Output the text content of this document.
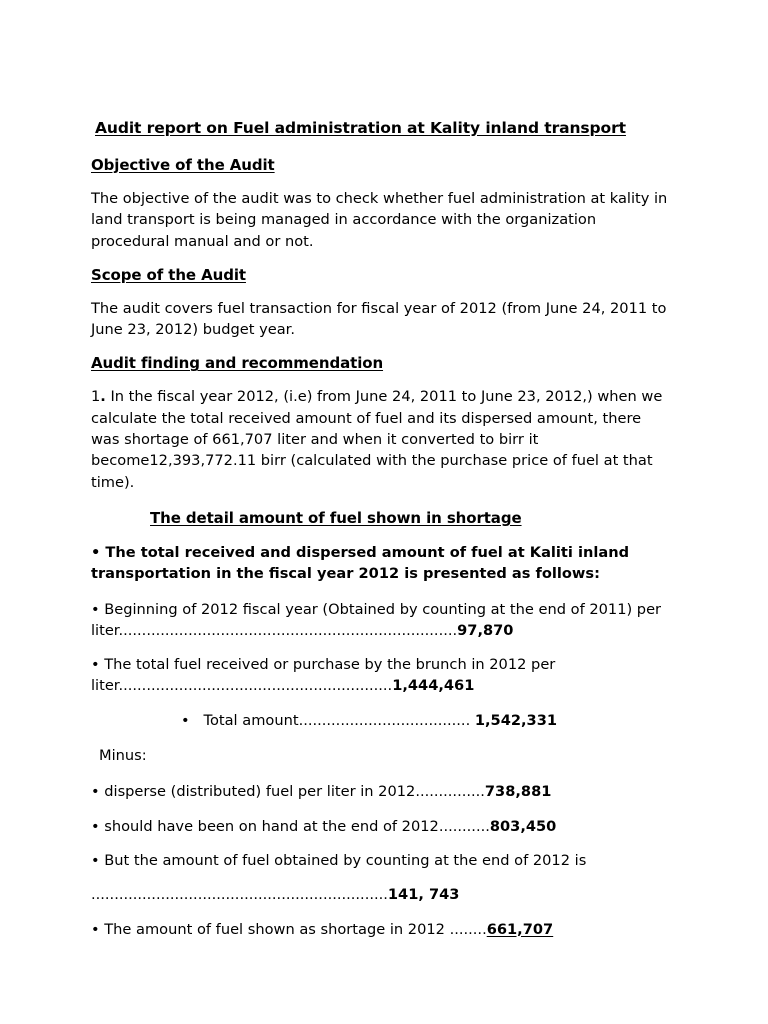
Audit report on Fuel administration at Kality inland transport
Objective of the Audit

The objective of the audit was to check whether fuel administration at kality in land transport is being managed in accordance with the organization procedural manual and or not.

Scope of the Audit

The audit covers fuel transaction for fiscal year of 2012 (from June 24, 2011 to June 23, 2012) budget year.

Audit finding and recommendation

1. In the fiscal year 2012, (i.e) from June 24, 2011 to June 23, 2012,) when we calculate the total received amount of fuel and its dispersed amount, there was shortage of 661,707 liter and when it converted to birr it become12,393,772.11 birr (calculated with the purchase price of fuel at that time).

The detail amount of fuel shown in shortage

• The total received and dispersed amount of fuel at Kaliti inland transportation in the fiscal year 2012 is presented as follows:

• Beginning of 2012 fiscal year (Obtained by counting at the end of 2011) per liter.........................................................................97,870

• The total fuel received or purchase by the brunch in 2012 per liter...........................................................1,444,461

• Total amount..................................... 1,542,331

Minus:

• disperse (distributed) fuel per liter in 2012...............738,881

• should have been on hand at the end of 2012...........803,450

• But the amount of fuel obtained by counting at the end of 2012 is

................................................................141, 743

• The amount of fuel shown as shortage in 2012 ........661,707
